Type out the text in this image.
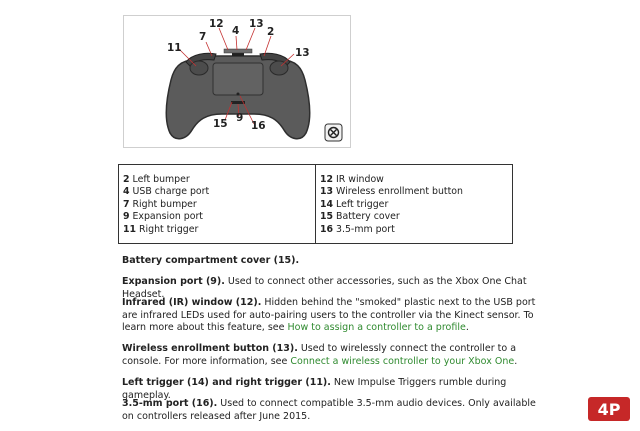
11
7
12
4
13
2
13
15 9
16
2 Left bumper
4 USB charge port
7 Right bumper
9 Expansion port
11 Right trigger

12 IR window
13 Wireless enrollment button
14 Left trigger
15 Battery cover
16 3.5-mm port

Battery compartment cover (15).

Expansion port (9). Used to connect other accessories, such as the Xbox One Chat Headset.

Infrared (IR) window (12). Hidden behind the "smoked" plastic next to the USB port are infrared LEDs used for auto-pairing users to the controller via the Kinect sensor. To learn more about this feature, see How to assign a controller to a profile.

Wireless enrollment button (13). Used to wirelessly connect the controller to a console. For more information, see Connect a wireless controller to your Xbox One.

Left trigger (14) and right trigger (11). New Impulse Triggers rumble during gameplay.

3.5-mm port (16). Used to connect compatible 3.5-mm audio devices. Only available on controllers released after June 2015.	4P
